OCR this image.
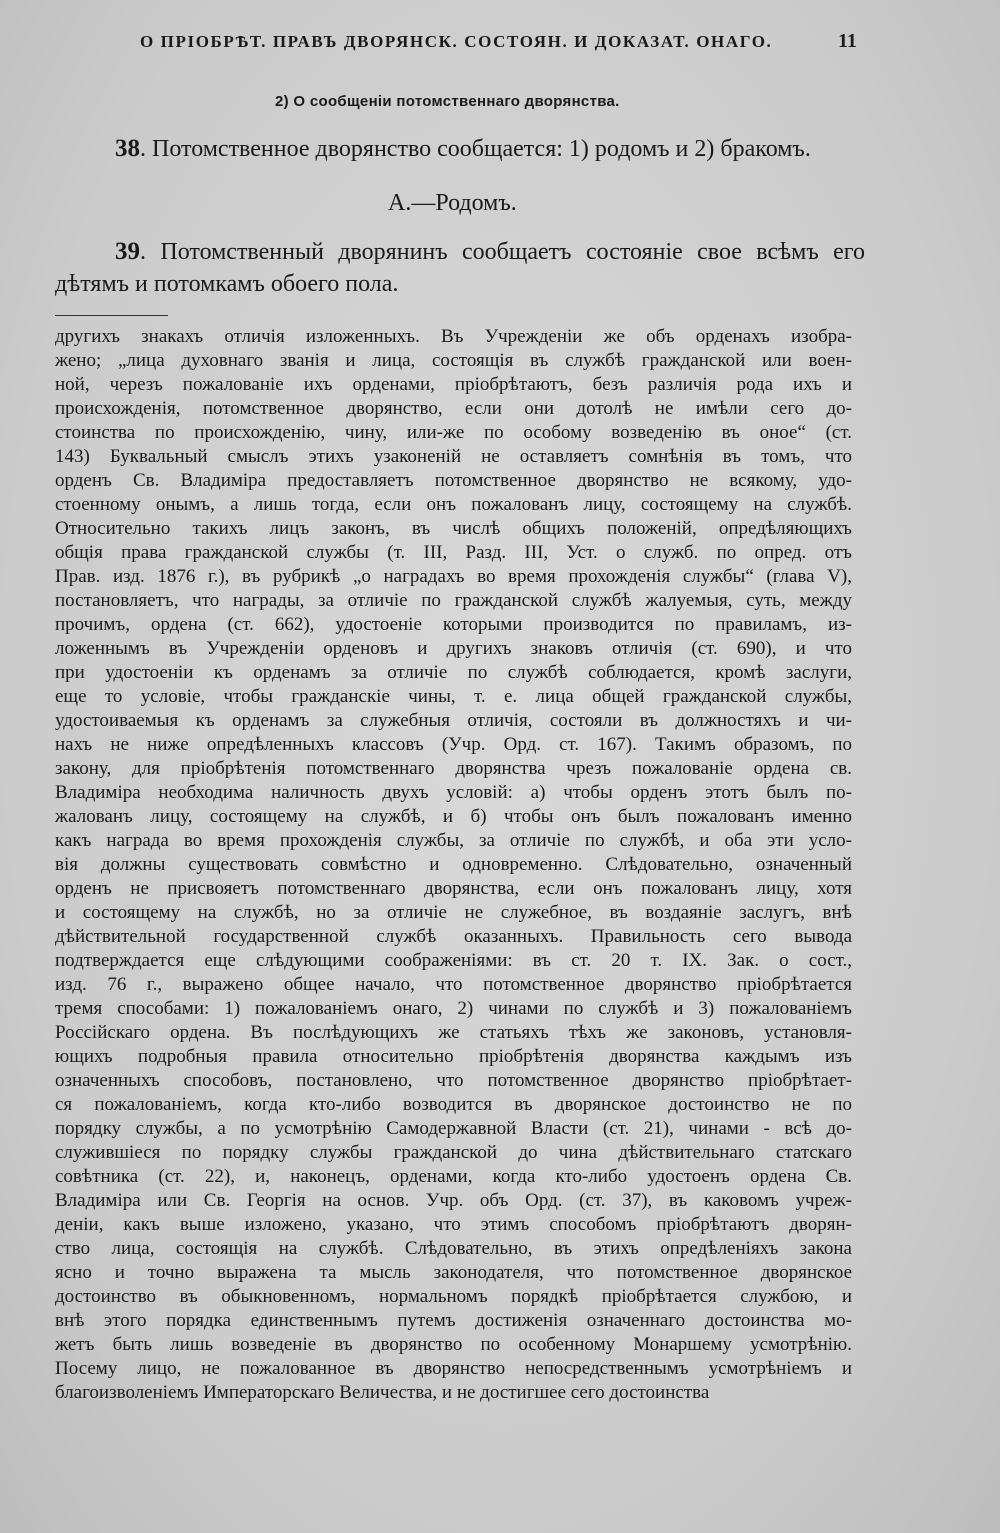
О ПРІОБРѢТ. ПРАВЪ ДВОРЯНСК. СОСТОЯН. И ДОКАЗАТ. ОНАГО.	11
2) О сообщеніи потомственнаго дворянства.
38. Потомственное дворянство сообщается: 1) родомъ и 2) бракомъ.
А.—Родомъ.
39. Потомственный дворянинъ сообщаетъ состояніе свое всѣмъ его дѣтямъ и потомкамъ обоего пола.
другихъ знакахъ отличія изложенныхъ. Въ Учрежденіи же объ орденахъ изобра-
жено; „лица духовнаго званія и лица, состоящія въ службѣ гражданской или воен-
ной, черезъ пожалованіе ихъ орденами, пріобрѣтаютъ, безъ различія рода ихъ и
происхожденія, потомственное дворянство, если они дотолѣ не имѣли сего до-
стоинства по происхожденію, чину, или-же по особому возведенію въ оное“ (ст.
143) Буквальный смыслъ этихъ узаконеній не оставляетъ сомнѣнія въ томъ, что
орденъ Св. Владиміра предоставляетъ потомственное дворянство не всякому, удо-
стоенному онымъ, а лишь тогда, если онъ пожалованъ лицу, состоящему на службѣ.
Относительно такихъ лицъ законъ, въ числѣ общихъ положеній, опредѣляющихъ
общія права гражданской службы (т. III, Разд. III, Уст. о служб. по опред. отъ
Прав. изд. 1876 г.), въ рубрикѣ „о наградахъ во время прохожденія службы“ (глава V),
постановляетъ, что награды, за отличіе по гражданской службѣ жалуемыя, суть, между
прочимъ, ордена (ст. 662), удостоеніе которыми производится по правиламъ, из-
ложеннымъ въ Учрежденіи орденовъ и другихъ знаковъ отличія (ст. 690), и что
при удостоеніи къ орденамъ за отличіе по службѣ соблюдается, кромѣ заслуги,
еще то условіе, чтобы гражданскіе чины, т. е. лица общей гражданской службы,
удостоиваемыя къ орденамъ за служебныя отличія, состояли въ должностяхъ и чи-
нахъ не ниже опредѣленныхъ классовъ (Учр. Орд. ст. 167). Такимъ образомъ, по
закону, для пріобрѣтенія потомственнаго дворянства чрезъ пожалованіе ордена св.
Владиміра необходима наличность двухъ условій: а) чтобы орденъ этотъ былъ по-
жалованъ лицу, состоящему на службѣ, и б) чтобы онъ былъ пожалованъ именно
какъ награда во время прохожденія службы, за отличіе по службѣ, и оба эти усло-
вія должны существовать совмѣстно и одновременно. Слѣдовательно, означенный
орденъ не присвояетъ потомственнаго дворянства, если онъ пожалованъ лицу, хотя
и состоящему на службѣ, но за отличіе не служебное, въ воздаяніе заслугъ, внѣ
дѣйствительной государственной службѣ оказанныхъ. Правильность сего вывода
подтверждается еще слѣдующими соображеніями: въ ст. 20 т. IX. Зак. о сост.,
изд. 76 г., выражено общее начало, что потомственное дворянство пріобрѣтается
тремя способами: 1) пожалованіемъ онаго, 2) чинами по службѣ и 3) пожалованіемъ
Россійскаго ордена. Въ послѣдующихъ же статьяхъ тѣхъ же законовъ, установля-
ющихъ подробныя правила относительно пріобрѣтенія дворянства каждымъ изъ
означенныхъ способовъ, постановлено, что потомственное дворянство пріобрѣтает-
ся пожалованіемъ, когда кто-либо возводится въ дворянское достоинство не по
порядку службы, а по усмотрѣнію Самодержавной Власти (ст. 21), чинами - всѣ до-
служившіеся по порядку службы гражданской до чина дѣйствительнаго статскаго
совѣтника (ст. 22), и, наконецъ, орденами, когда кто-либо удостоенъ ордена Св.
Владиміра или Св. Георгія на основ. Учр. объ Орд. (ст. 37), въ каковомъ учреж-
деніи, какъ выше изложено, указано, что этимъ способомъ пріобрѣтаютъ дворян-
ство лица, состоящія на службѣ. Слѣдовательно, въ этихъ опредѣленіяхъ закона
ясно и точно выражена та мысль законодателя, что потомственное дворянское
достоинство въ обыкновенномъ, нормальномъ порядкѣ пріобрѣтается службою, и
внѣ этого порядка единственнымъ путемъ достиженія означеннаго достоинства мо-
жетъ быть лишь возведеніе въ дворянство по особенному Монаршему усмотрѣнію.
Посему лицо, не пожалованное въ дворянство непосредственнымъ усмотрѣніемъ и
благоизволеніемъ Императорскаго Величества, и не достигшее сего достоинства
